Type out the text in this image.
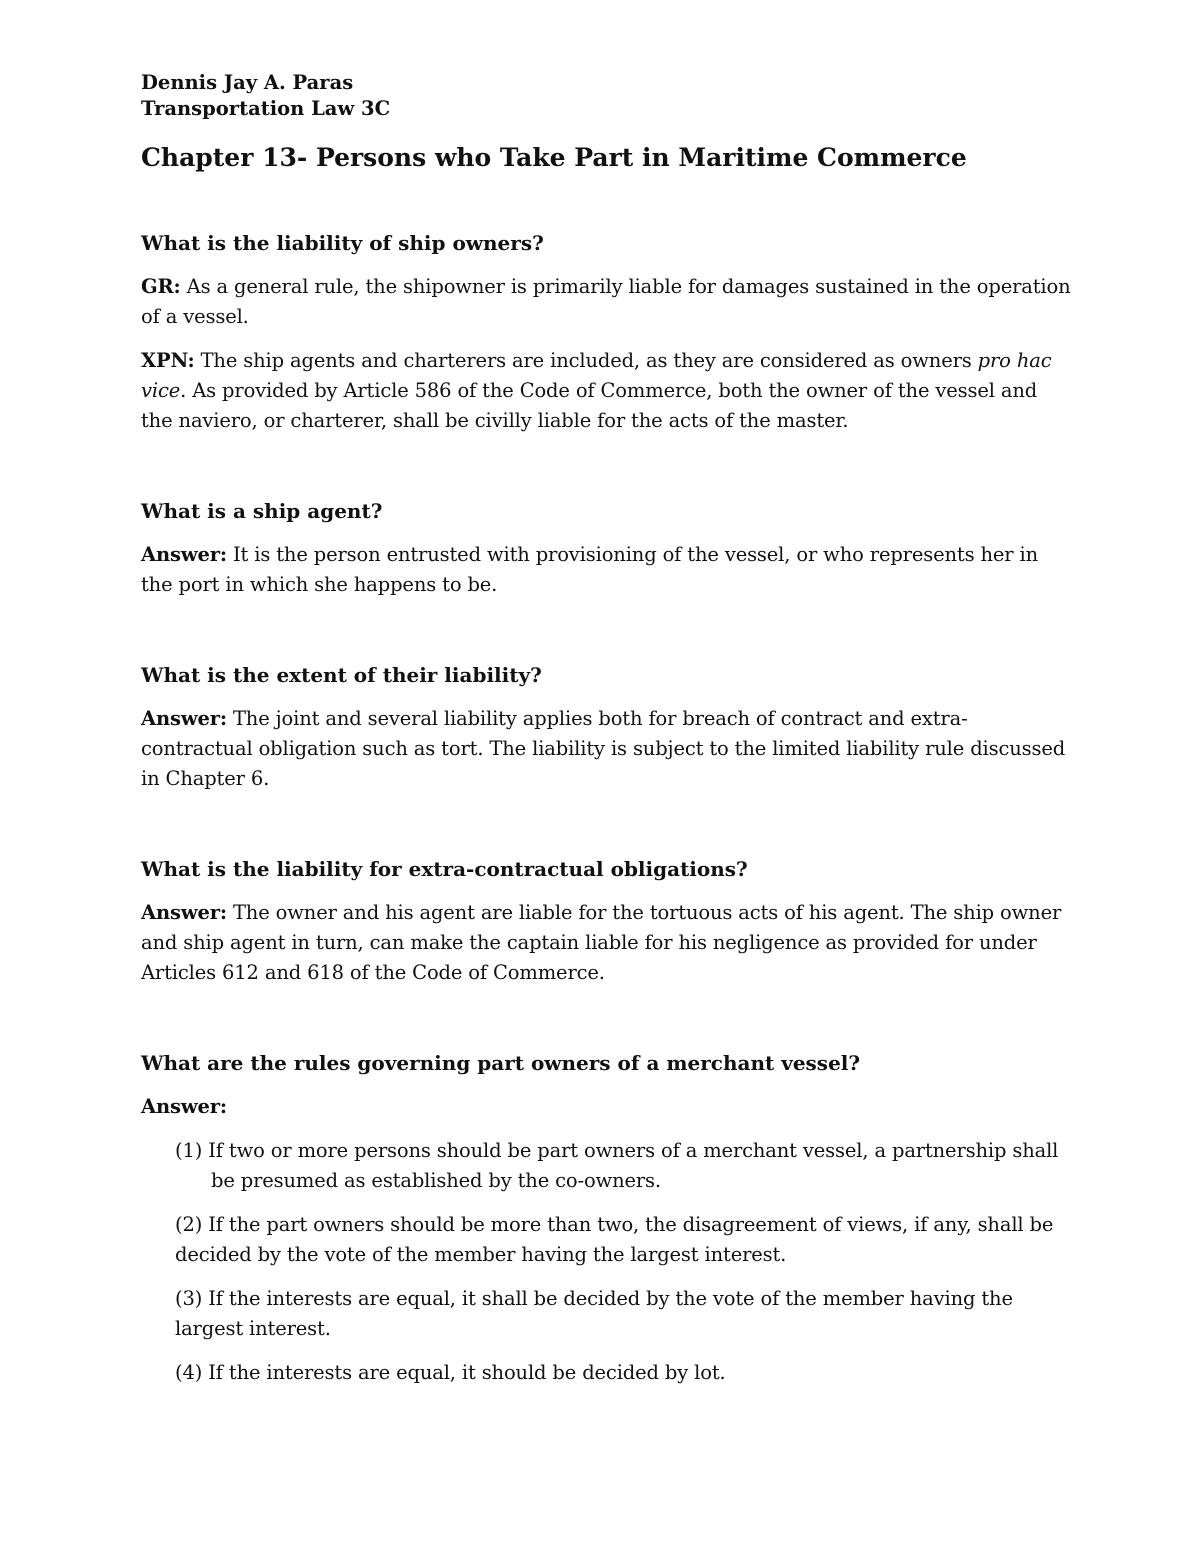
Dennis Jay A. Paras

Transportation Law 3C

Chapter 13- Persons who Take Part in Maritime Commerce

What is the liability of ship owners?

GR: As a general rule, the shipowner is primarily liable for damages sustained in the operation of a vessel.

XPN: The ship agents and charterers are included, as they are considered as owners pro hac vice. As provided by Article 586 of the Code of Commerce, both the owner of the vessel and the naviero, or charterer, shall be civilly liable for the acts of the master.

What is a ship agent?

Answer: It is the person entrusted with provisioning of the vessel, or who represents her in the port in which she happens to be.

What is the extent of their liability?

Answer: The joint and several liability applies both for breach of contract and extra-contractual obligation such as tort. The liability is subject to the limited liability rule discussed in Chapter 6.

What is the liability for extra-contractual obligations?

Answer: The owner and his agent are liable for the tortuous acts of his agent. The ship owner and ship agent in turn, can make the captain liable for his negligence as provided for under Articles 612 and 618 of the Code of Commerce.

What are the rules governing part owners of a merchant vessel?

Answer:

(1) If two or more persons should be part owners of a merchant vessel, a partnership shall be presumed as established by the co-owners.

(2) If the part owners should be more than two, the disagreement of views, if any, shall be decided by the vote of the member having the largest interest.

(3) If the interests are equal, it shall be decided by the vote of the member having the largest interest.

(4) If the interests are equal, it should be decided by lot.
